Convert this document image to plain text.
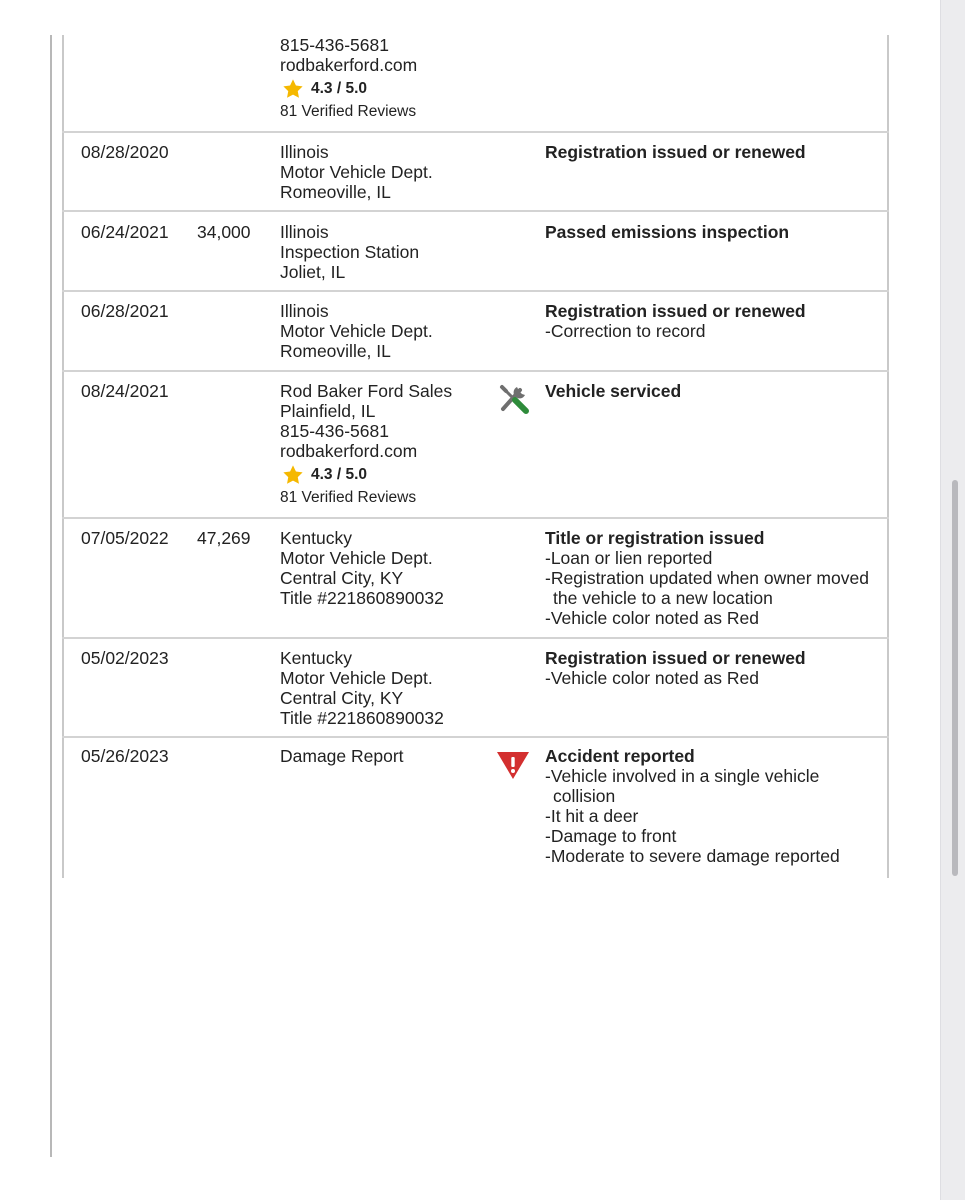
815-436-5681
rodbakerford.com
4.3 / 5.0
81 Verified Reviews
08/28/2020	Illinois
Motor Vehicle Dept.
Romeoville, IL
Registration issued or renewed
06/24/2021 34,000 Illinois
Inspection Station
Joliet, IL
Passed emissions inspection
06/28/2021	Illinois
Motor Vehicle Dept.
Romeoville, IL
Registration issued or renewed
-Correction to record
08/24/2021	Rod Baker Ford Sales
Plainfield, IL
815-436-5681
rodbakerford.com
4.3 / 5.0
81 Verified Reviews
Vehicle serviced
07/05/2022 47,269 Kentucky
Motor Vehicle Dept.
Central City, KY
Title #221860890032
Title or registration issued
-Loan or lien reported
-Registration updated when owner moved the vehicle to a new location
-Vehicle color noted as Red
05/02/2023	Kentucky
Motor Vehicle Dept.
Central City, KY
Title #221860890032
Registration issued or renewed
-Vehicle color noted as Red
05/26/2023	Damage Report	Accident reported
-Vehicle involved in a single vehicle collision
-It hit a deer
-Damage to front
-Moderate to severe damage reported
